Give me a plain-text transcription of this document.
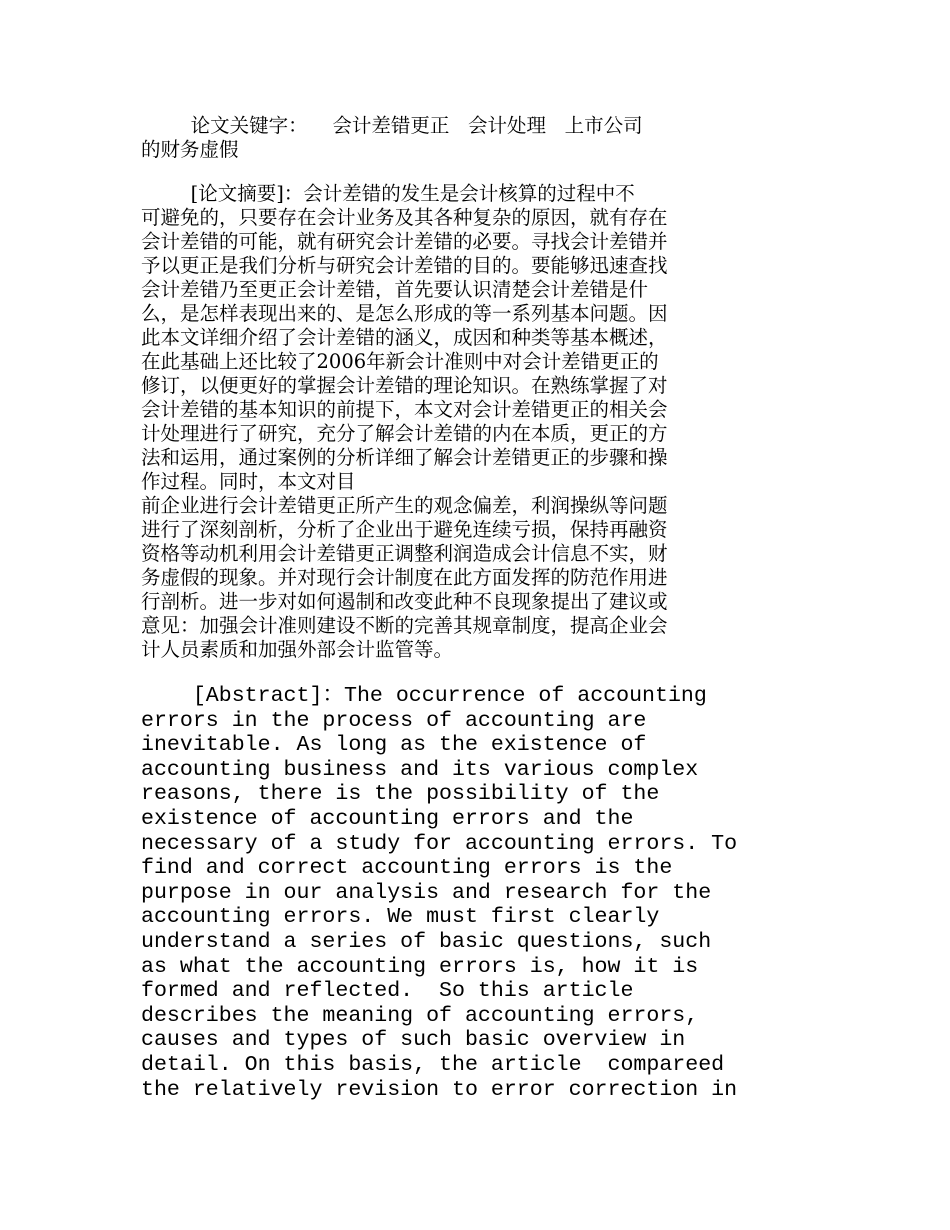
论文关键字：    会计差错更正   会计处理   上市公司
的财务虚假
[论文摘要]：会计差错的发生是会计核算的过程中不
可避免的，只要存在会计业务及其各种复杂的原因，就有存在
会计差错的可能，就有研究会计差错的必要。寻找会计差错并
予以更正是我们分析与研究会计差错的目的。要能够迅速查找
会计差错乃至更正会计差错，首先要认识清楚会计差错是什
么，是怎样表现出来的、是怎么形成的等一系列基本问题。因
此本文详细介绍了会计差错的涵义，成因和种类等基本概述，
在此基础上还比较了2006年新会计准则中对会计差错更正的
修订，以便更好的掌握会计差错的理论知识。在熟练掌握了对
会计差错的基本知识的前提下，本文对会计差错更正的相关会
计处理进行了研究，充分了解会计差错的内在本质，更正的方
法和运用，通过案例的分析详细了解会计差错更正的步骤和操
作过程。同时，本文对目
前企业进行会计差错更正所产生的观念偏差，利润操纵等问题
进行了深刻剖析，分析了企业出于避免连续亏损，保持再融资
资格等动机利用会计差错更正调整利润造成会计信息不实，财
务虚假的现象。并对现行会计制度在此方面发挥的防范作用进
行剖析。进一步对如何遏制和改变此种不良现象提出了建议或
意见：加强会计准则建设不断的完善其规章制度，提高企业会
计人员素质和加强外部会计监管等。
[Abstract]：The occurrence of accounting
errors in the process of accounting are
inevitable. As long as the existence of
accounting business and its various complex
reasons, there is the possibility of the
existence of accounting errors and the
necessary of a study for accounting errors. To
find and correct accounting errors is the
purpose in our analysis and research for the
accounting errors. We must first clearly
understand a series of basic questions, such
as what the accounting errors is, how it is
formed and reflected.  So this article
describes the meaning of accounting errors,
causes and types of such basic overview in
detail. On this basis, the article  compareed
the relatively revision to error correction in
